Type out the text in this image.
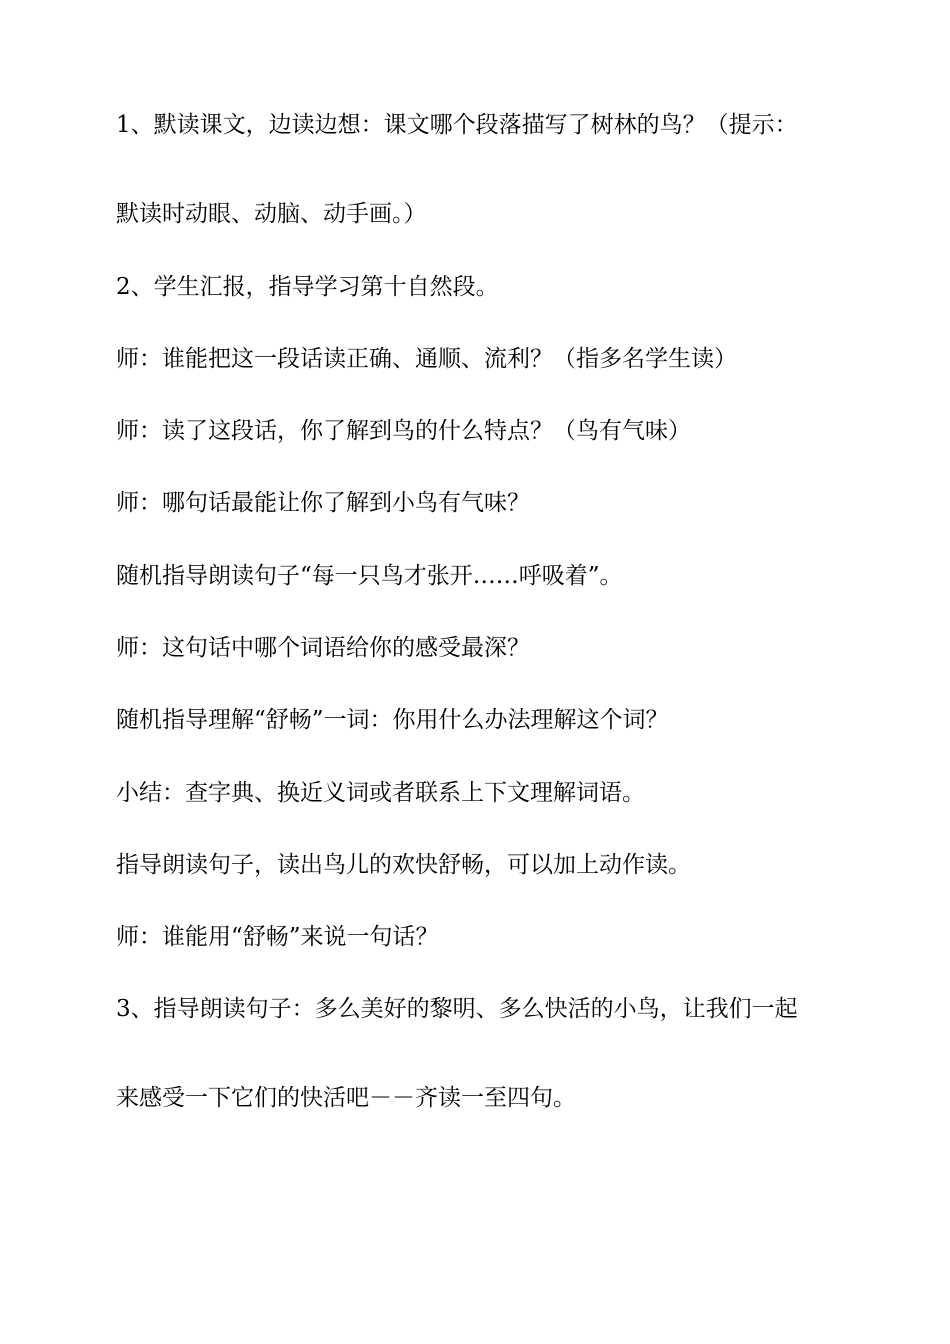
1、默读课文，边读边想：课文哪个段落描写了树林的鸟？（提示：
默读时动眼、动脑、动手画。）
2、学生汇报，指导学习第十自然段。
师：谁能把这一段话读正确、通顺、流利？（指多名学生读）
师：读了这段话，你了解到鸟的什么特点？（鸟有气味）
师：哪句话最能让你了解到小鸟有气味？
随机指导朗读句子“每一只鸟才张开……呼吸着”。
师：这句话中哪个词语给你的感受最深？
随机指导理解“舒畅”一词：你用什么办法理解这个词？
小结：查字典、换近义词或者联系上下文理解词语。
指导朗读句子，读出鸟儿的欢快舒畅，可以加上动作读。
师：谁能用“舒畅”来说一句话？
3、指导朗读句子：多么美好的黎明、多么快活的小鸟，让我们一起
来感受一下它们的快活吧－－齐读一至四句。
